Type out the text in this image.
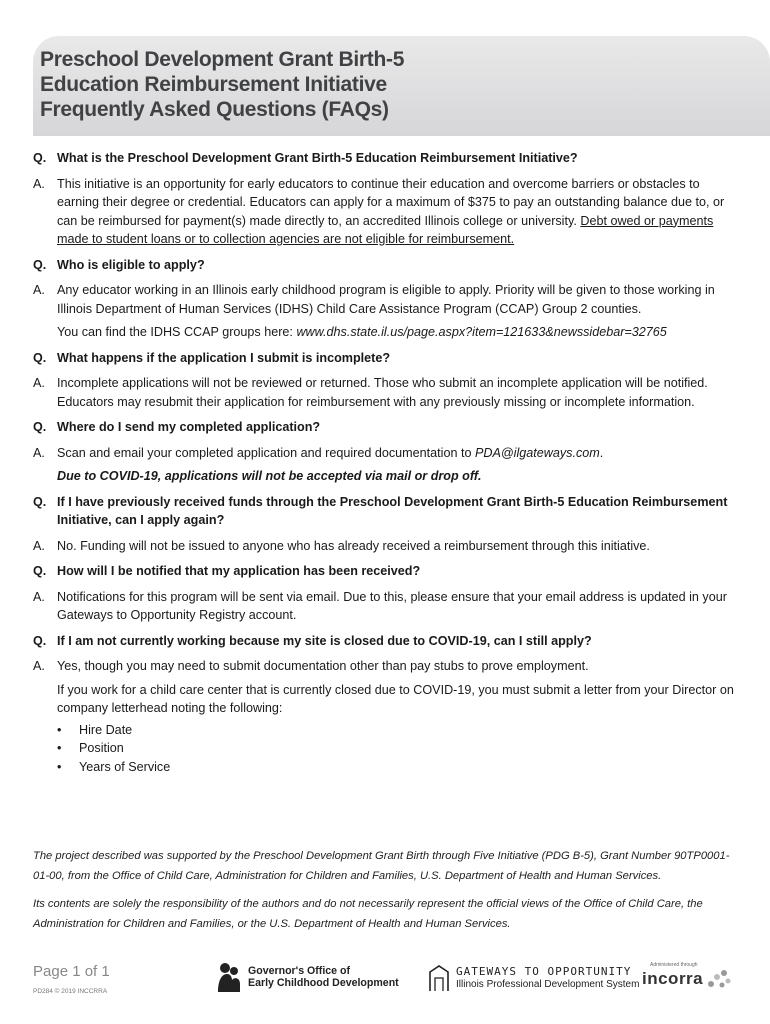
Preschool Development Grant Birth-5
Education Reimbursement Initiative
Frequently Asked Questions (FAQs)
Q. What is the Preschool Development Grant Birth-5 Education Reimbursement Initiative?
A. This initiative is an opportunity for early educators to continue their education and overcome barriers or obstacles to earning their degree or credential. Educators can apply for a maximum of $375 to pay an outstanding balance due to, or can be reimbursed for payment(s) made directly to, an accredited Illinois college or university. Debt owed or payments made to student loans or to collection agencies are not eligible for reimbursement.
Q. Who is eligible to apply?
A. Any educator working in an Illinois early childhood program is eligible to apply. Priority will be given to those working in Illinois Department of Human Services (IDHS) Child Care Assistance Program (CCAP) Group 2 counties.
You can find the IDHS CCAP groups here: www.dhs.state.il.us/page.aspx?item=121633&newssidebar=32765
Q. What happens if the application I submit is incomplete?
A. Incomplete applications will not be reviewed or returned. Those who submit an incomplete application will be notified. Educators may resubmit their application for reimbursement with any previously missing or incomplete information.
Q. Where do I send my completed application?
A. Scan and email your completed application and required documentation to PDA@ilgateways.com.
Due to COVID-19, applications will not be accepted via mail or drop off.
Q. If I have previously received funds through the Preschool Development Grant Birth-5 Education Reimbursement Initiative, can I apply again?
A. No. Funding will not be issued to anyone who has already received a reimbursement through this initiative.
Q. How will I be notified that my application has been received?
A. Notifications for this program will be sent via email. Due to this, please ensure that your email address is updated in your Gateways to Opportunity Registry account.
Q. If I am not currently working because my site is closed due to COVID-19, can I still apply?
A. Yes, though you may need to submit documentation other than pay stubs to prove employment.
If you work for a child care center that is currently closed due to COVID-19, you must submit a letter from your Director on company letterhead noting the following:
•	Hire Date
•	Position
•	Years of Service

The project described was supported by the Preschool Development Grant Birth through Five Initiative (PDG B-5), Grant Number 90TP0001-01-00, from the Office of Child Care, Administration for Children and Families, U.S. Department of Health and Human Services.

Its contents are solely the responsibility of the authors and do not necessarily represent the official views of the Office of Child Care, the Administration for Children and Families, or the U.S. Department of Health and Human Services.

Page 1 of 1
PD284 © 2019 INCCRRA
Governor's Office of
Early Childhood Development
GATEWAYS TO OPPORTUNITY
Illinois Professional Development System
Administered through
incorra
